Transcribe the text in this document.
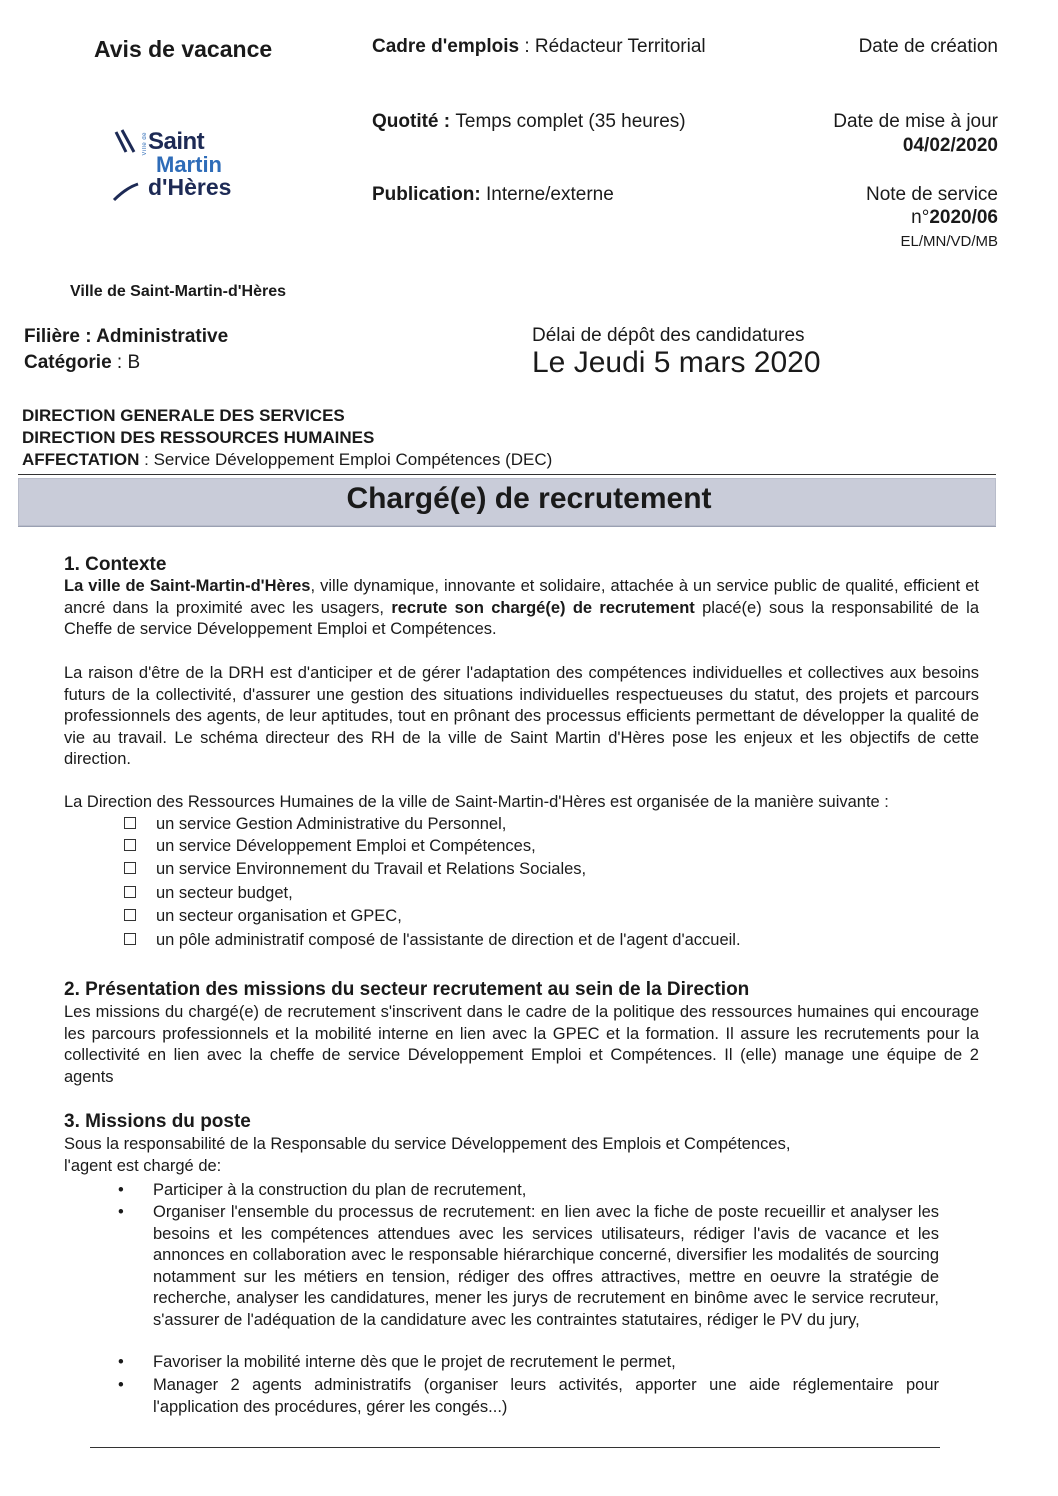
Avis de vacance	Cadre d'emplois : Rédacteur Territorial
Quotité : Temps complet (35 heures)
Publication: Interne/externe
Date de création
Date de mise à jour
04/02/2020
Note de service
n°2020/06
EL/MN/VD/MB
Ville de Saint
Martin
d'Hères
Ville de Saint-Martin-d'Hères
Filière : Administrative
Catégorie : B
Délai de dépôt des candidatures
Le Jeudi 5 mars 2020
DIRECTION GENERALE DES SERVICES
DIRECTION DES RESSOURCES HUMAINES
AFFECTATION : Service Développement Emploi Compétences (DEC)
Chargé(e) de recrutement
1. Contexte
La ville de Saint-Martin-d'Hères, ville dynamique, innovante et solidaire, attachée à un service public de qualité, efficient et ancré dans la proximité avec les usagers, recrute son chargé(e) de recrutement placé(e) sous la responsabilité de la Cheffe de service Développement Emploi et Compétences.
La raison d'être de la DRH est d'anticiper et de gérer l'adaptation des compétences individuelles et collectives aux besoins futurs de la collectivité, d'assurer une gestion des situations individuelles respectueuses du statut, des projets et parcours professionnels des agents, de leur aptitudes, tout en prônant des processus efficients permettant de développer la qualité de vie au travail. Le schéma directeur des RH de la ville de Saint Martin d'Hères pose les enjeux et les objectifs de cette direction.
La Direction des Ressources Humaines de la ville de Saint-Martin-d'Hères est organisée de la manière suivante :
un service Gestion Administrative du Personnel,
un service Développement Emploi et Compétences,
un service Environnement du Travail et Relations Sociales,
un secteur budget,
un secteur organisation et GPEC,
un pôle administratif composé de l'assistante de direction et de l'agent d'accueil.
2. Présentation des missions du secteur recrutement au sein de la Direction
Les missions du chargé(e) de recrutement s'inscrivent dans le cadre de la politique des ressources humaines qui encourage les parcours professionnels et la mobilité interne en lien avec la GPEC et la formation. Il assure les recrutements pour la collectivité en lien avec la cheffe de service Développement Emploi et Compétences. Il (elle) manage une équipe de 2 agents
3. Missions du poste
Sous la responsabilité de la Responsable du service Développement des Emplois et Compétences,
l'agent est chargé de:
• Participer à la construction du plan de recrutement,
• Organiser l'ensemble du processus de recrutement: en lien avec la fiche de poste recueillir et analyser les besoins et les compétences attendues avec les services utilisateurs, rédiger l'avis de vacance et les annonces en collaboration avec le responsable hiérarchique concerné, diversifier les modalités de sourcing notamment sur les métiers en tension, rédiger des offres attractives, mettre en oeuvre la stratégie de recherche, analyser les candidatures, mener les jurys de recrutement en binôme avec le service recruteur, s'assurer de l'adéquation de la candidature avec les contraintes statutaires, rédiger le PV du jury,
• Favoriser la mobilité interne dès que le projet de recrutement le permet,
• Manager 2 agents administratifs (organiser leurs activités, apporter une aide réglementaire pour l'application des procédures, gérer les congés...)
